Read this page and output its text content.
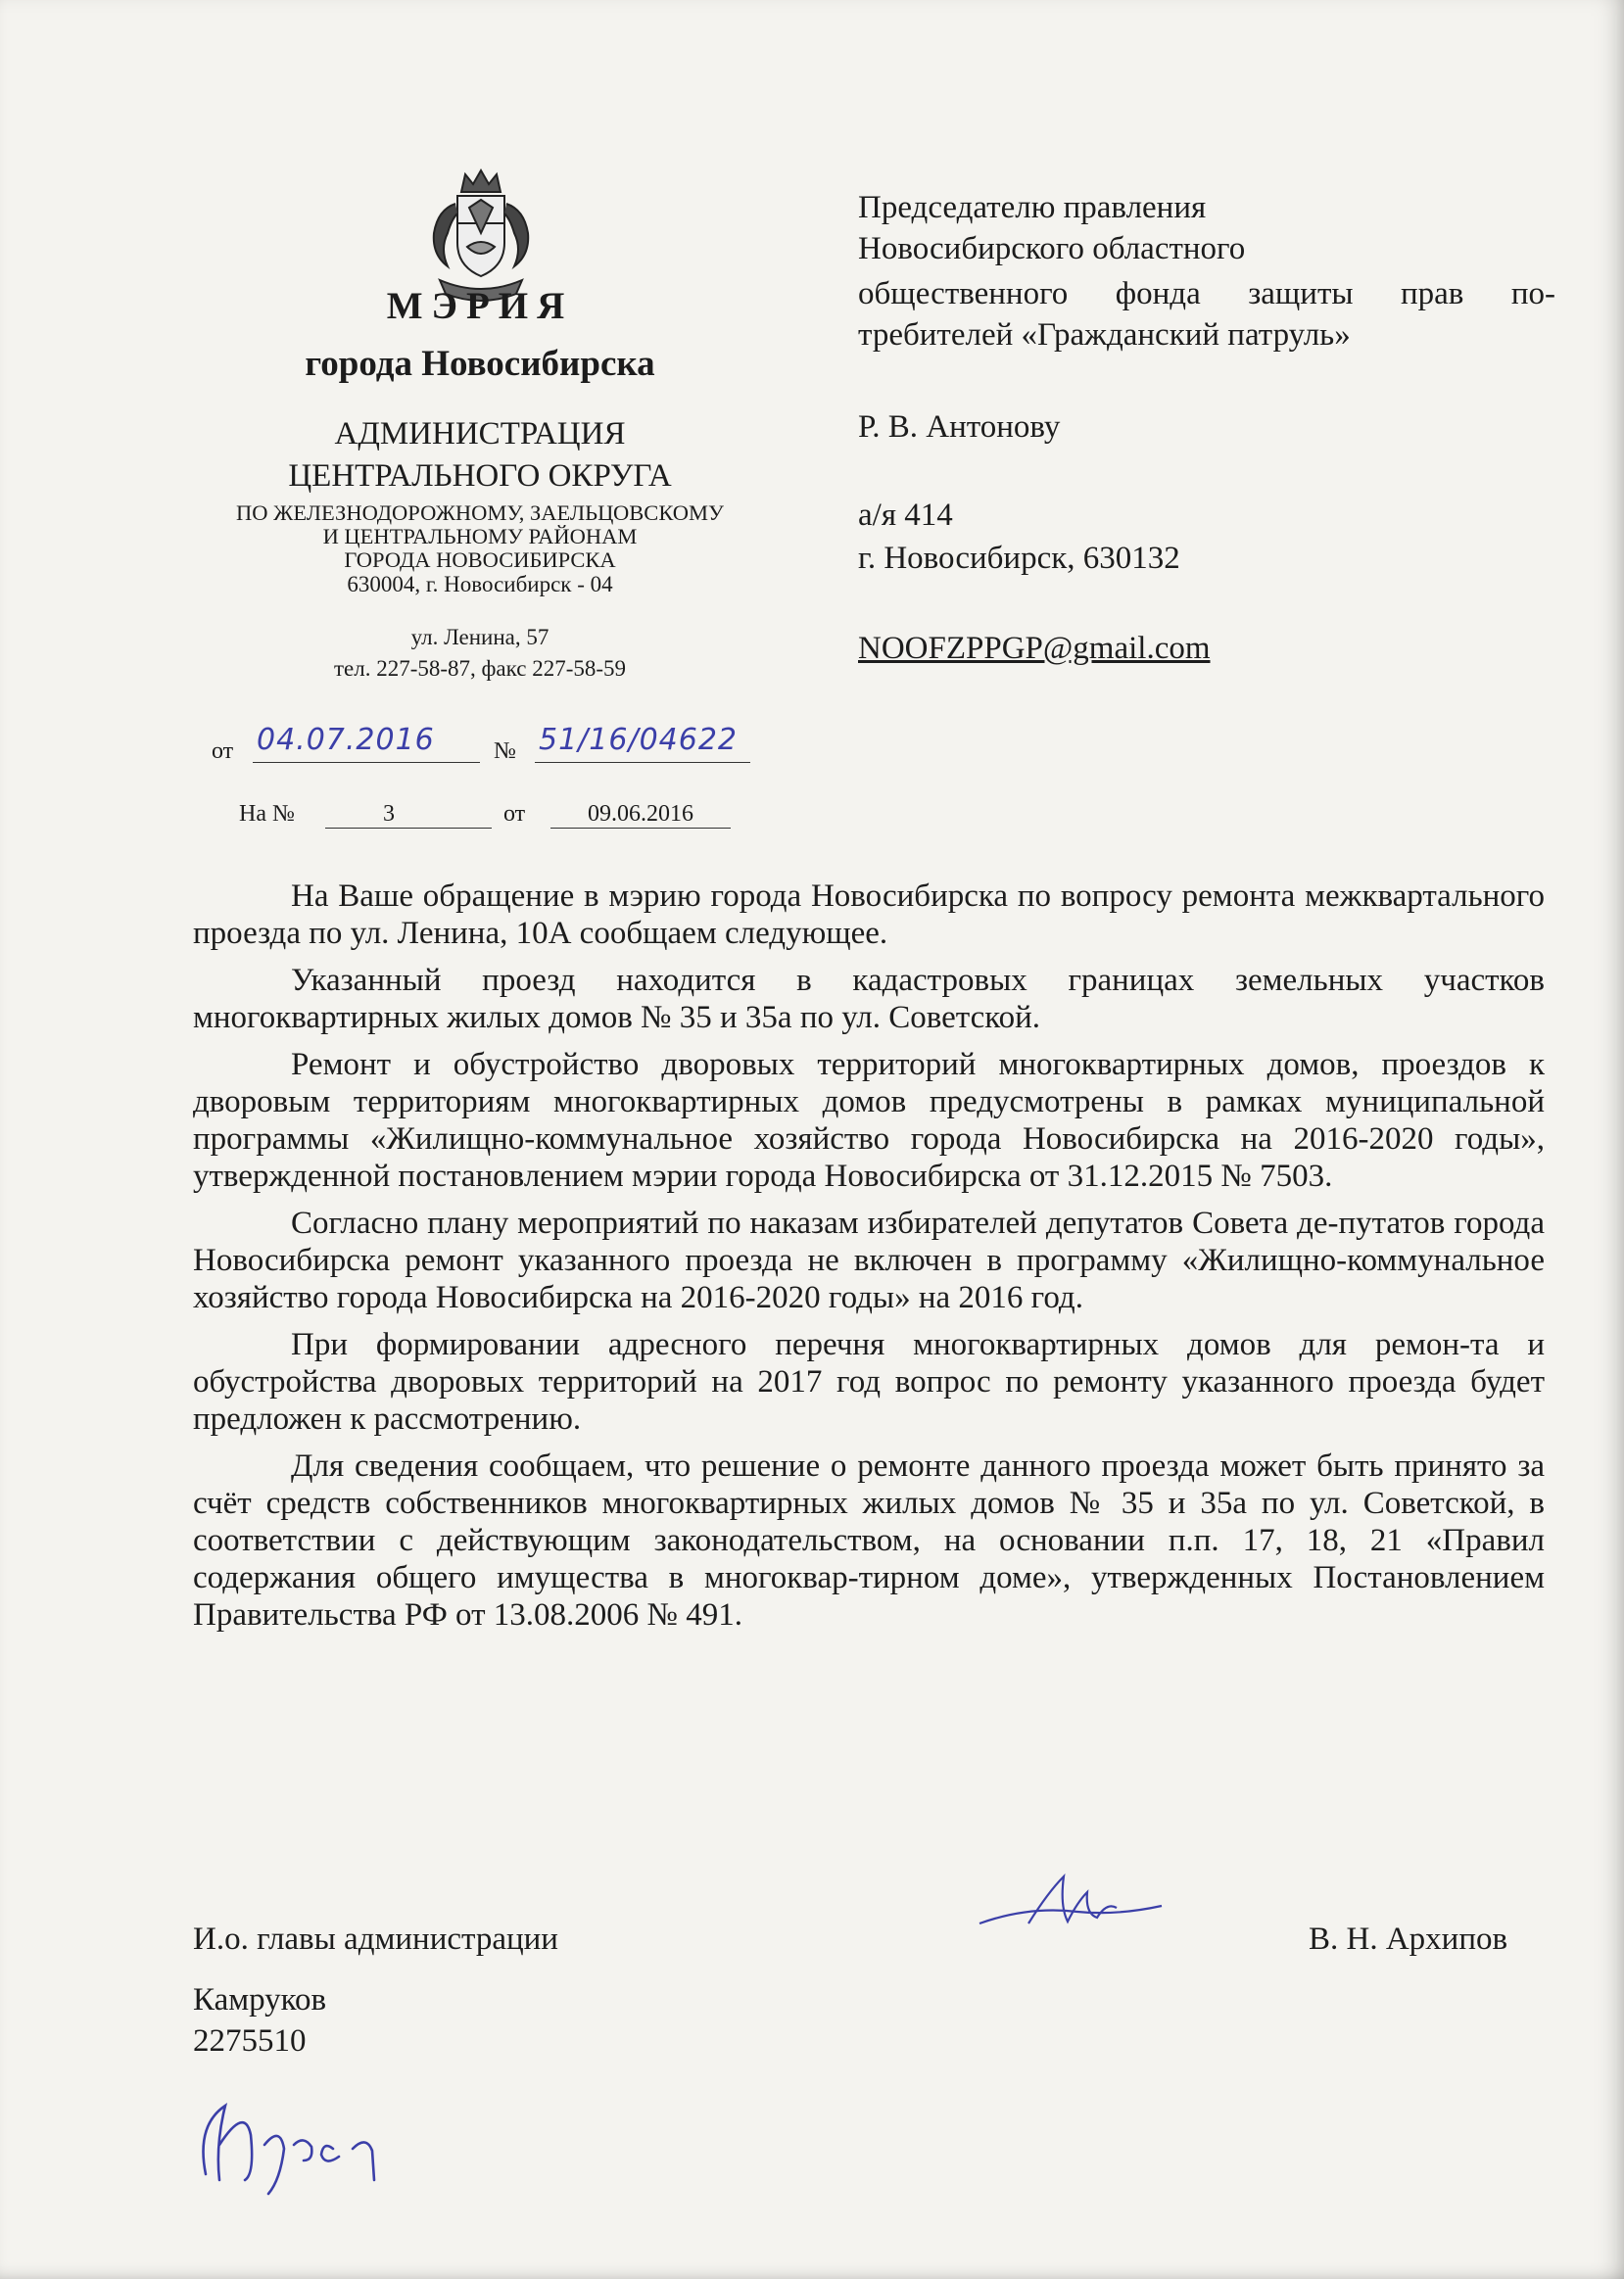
МЭРИЯ
города Новосибирска
АДМИНИСТРАЦИЯ
ЦЕНТРАЛЬНОГО ОКРУГА
ПО ЖЕЛЕЗНОДОРОЖНОМУ, ЗАЕЛЬЦОВСКОМУ
И ЦЕНТРАЛЬНОМУ РАЙОНАМ
ГОРОДА НОВОСИБИРСКА
630004, г. Новосибирск - 04
ул. Ленина, 57
тел. 227-58-87, факс 227-58-59
от 04.07.2016	№ 51/16/04622
На №	3	от	09.06.2016
Председателю правления
Новосибирского областного
общественного фонда защиты прав по-
требителей «Гражданский патруль»
Р. В. Антонову
а/я 414
г. Новосибирск, 630132
NOOFZPPGP@gmail.com

На Ваше обращение в мэрию города Новосибирска по вопросу ремонта межквартального проезда по ул. Ленина, 10А сообщаем следующее.

Указанный проезд находится в кадастровых границах земельных участков многоквартирных жилых домов № 35 и 35а по ул. Советской.

Ремонт и обустройство дворовых территорий многоквартирных домов, проездов к дворовым территориям многоквартирных домов предусмотрены в рамках муниципальной программы «Жилищно-коммунальное хозяйство города Новосибирска на 2016-2020 годы», утвержденной постановлением мэрии города Новосибирска от 31.12.2015 № 7503.

Согласно плану мероприятий по наказам избирателей депутатов Совета де-путатов города Новосибирска ремонт указанного проезда не включен в программу «Жилищно-коммунальное хозяйство города Новосибирска на 2016-2020 годы» на 2016 год.

При формировании адресного перечня многоквартирных домов для ремон-та и обустройства дворовых территорий на 2017 год вопрос по ремонту указанного проезда будет предложен к рассмотрению.

Для сведения сообщаем, что решение о ремонте данного проезда может быть принято за счёт средств собственников многоквартирных жилых домов № 35 и 35а по ул. Советской, в соответствии с действующим законодательством, на основании п.п. 17, 18, 21 «Правил содержания общего имущества в многоквар-тирном доме», утвержденных Постановлением Правительства РФ от 13.08.2006 № 491.

И.о. главы администрации	В. Н. Архипов
Камруков
2275510
